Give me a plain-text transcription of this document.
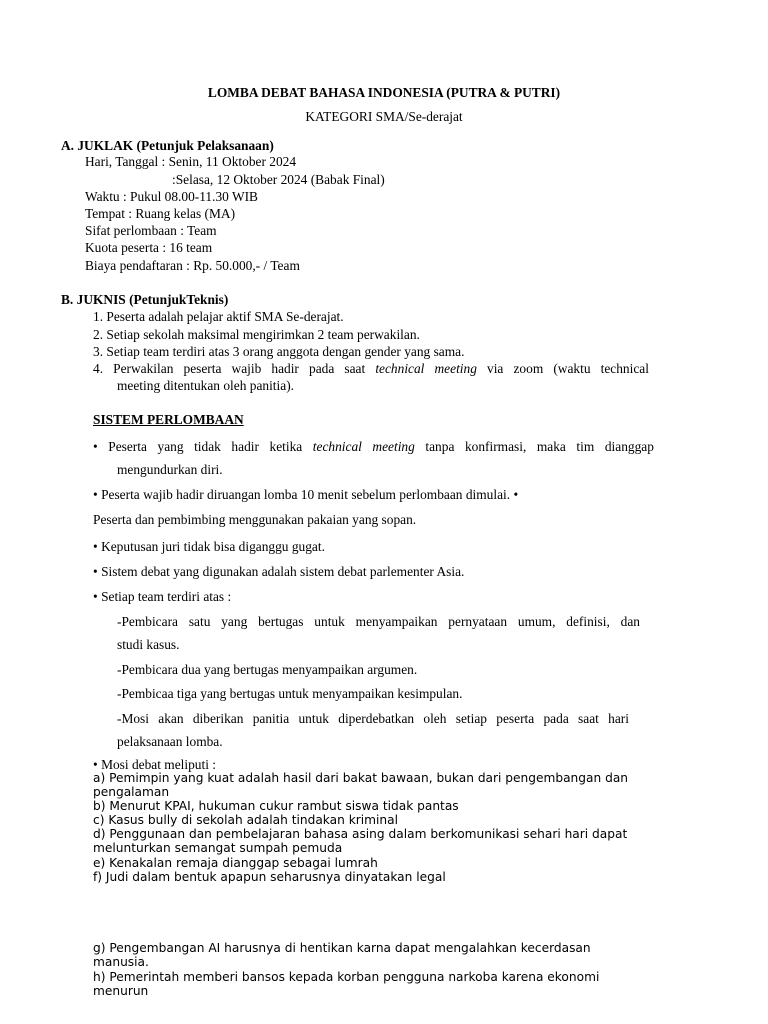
LOMBA DEBAT BAHASA INDONESIA (PUTRA & PUTRI)
KATEGORI SMA/Se-derajat
A. JUKLAK (Petunjuk Pelaksanaan)
Hari, Tanggal : Senin, 11 Oktober 2024
:Selasa, 12 Oktober 2024 (Babak Final)
Waktu : Pukul 08.00-11.30 WIB
Tempat : Ruang kelas (MA)
Sifat perlombaan : Team
Kuota peserta : 16 team
Biaya pendaftaran : Rp. 50.000,- / Team
B. JUKNIS (PetunjukTeknis)
1. Peserta adalah pelajar aktif SMA Se-derajat.
2. Setiap sekolah maksimal mengirimkan 2 team perwakilan.
3. Setiap team terdiri atas 3 orang anggota dengan gender yang sama.
4. Perwakilan peserta wajib hadir pada saat technical meeting via zoom (waktu technical
meeting ditentukan oleh panitia).
SISTEM PERLOMBAAN
• Peserta yang tidak hadir ketika technical meeting tanpa konfirmasi, maka tim dianggap
mengundurkan diri.
• Peserta wajib hadir diruangan lomba 10 menit sebelum perlombaan dimulai. •
Peserta dan pembimbing menggunakan pakaian yang sopan.
• Keputusan juri tidak bisa diganggu gugat.
• Sistem debat yang digunakan adalah sistem debat parlementer Asia.
• Setiap team terdiri atas :
-Pembicara satu yang bertugas untuk menyampaikan pernyataan umum, definisi, dan
studi kasus.
-Pembicara dua yang bertugas menyampaikan argumen.
-Pembicaa tiga yang bertugas untuk menyampaikan kesimpulan.
-Mosi akan diberikan panitia untuk diperdebatkan oleh setiap peserta pada saat hari
pelaksanaan lomba.
• Mosi debat meliputi :
a) Pemimpin yang kuat adalah hasil dari bakat bawaan, bukan dari pengembangan dan
pengalaman
b) Menurut KPAI, hukuman cukur rambut siswa tidak pantas
c) Kasus bully di sekolah adalah tindakan kriminal
d) Penggunaan dan pembelajaran bahasa asing dalam berkomunikasi sehari hari dapat
melunturkan semangat sumpah pemuda
e) Kenakalan remaja dianggap sebagai lumrah
f) Judi dalam bentuk apapun seharusnya dinyatakan legal
g) Pengembangan AI harusnya di hentikan karna dapat mengalahkan kecerdasan
manusia.
h) Pemerintah memberi bansos kepada korban pengguna narkoba karena ekonomi
menurun
